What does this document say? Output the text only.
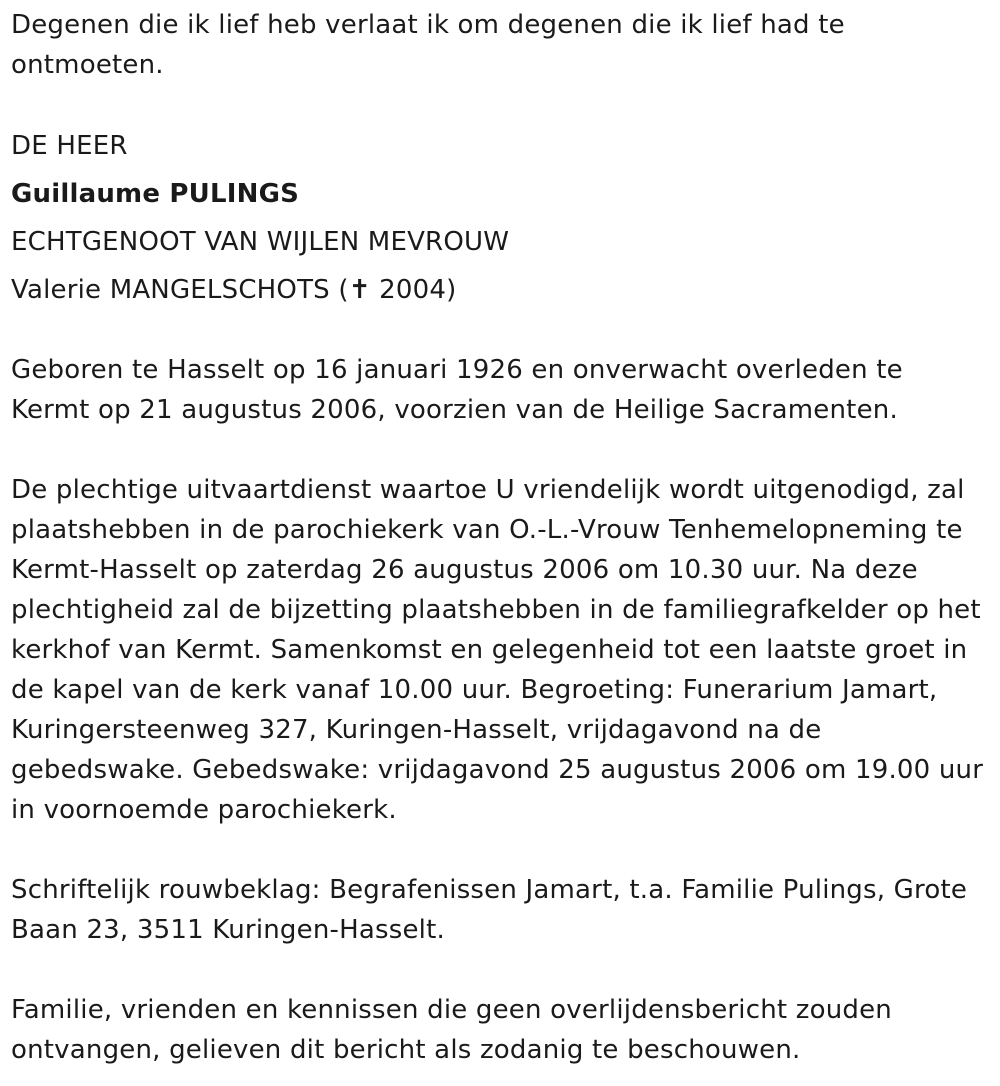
Degenen die ik lief heb verlaat ik om degenen die ik lief had te ontmoeten.

DE HEER

Guillaume PULINGS

ECHTGENOOT VAN WIJLEN MEVROUW

Valerie MANGELSCHOTS (✝ 2004)

Geboren te Hasselt op 16 januari 1926 en onverwacht overleden te Kermt op 21 augustus 2006, voorzien van de Heilige Sacramenten.

De plechtige uitvaartdienst waartoe U vriendelijk wordt uitgenodigd, zal plaatshebben in de parochiekerk van O.-L.-Vrouw Tenhemelopneming te Kermt-Hasselt op zaterdag 26 augustus 2006 om 10.30 uur. Na deze plechtigheid zal de bijzetting plaatshebben in de familiegrafkelder op het kerkhof van Kermt. Samenkomst en gelegenheid tot een laatste groet in de kapel van de kerk vanaf 10.00 uur. Begroeting: Funerarium Jamart, Kuringersteenweg 327, Kuringen-Hasselt, vrijdagavond na de gebedswake. Gebedswake: vrijdagavond 25 augustus 2006 om 19.00 uur in voornoemde parochiekerk.

Schriftelijk rouwbeklag: Begrafenissen Jamart, t.a. Familie Pulings, Grote Baan 23, 3511 Kuringen-Hasselt.

Familie, vrienden en kennissen die geen overlijdensbericht zouden ontvangen, gelieven dit bericht als zodanig te beschouwen.
